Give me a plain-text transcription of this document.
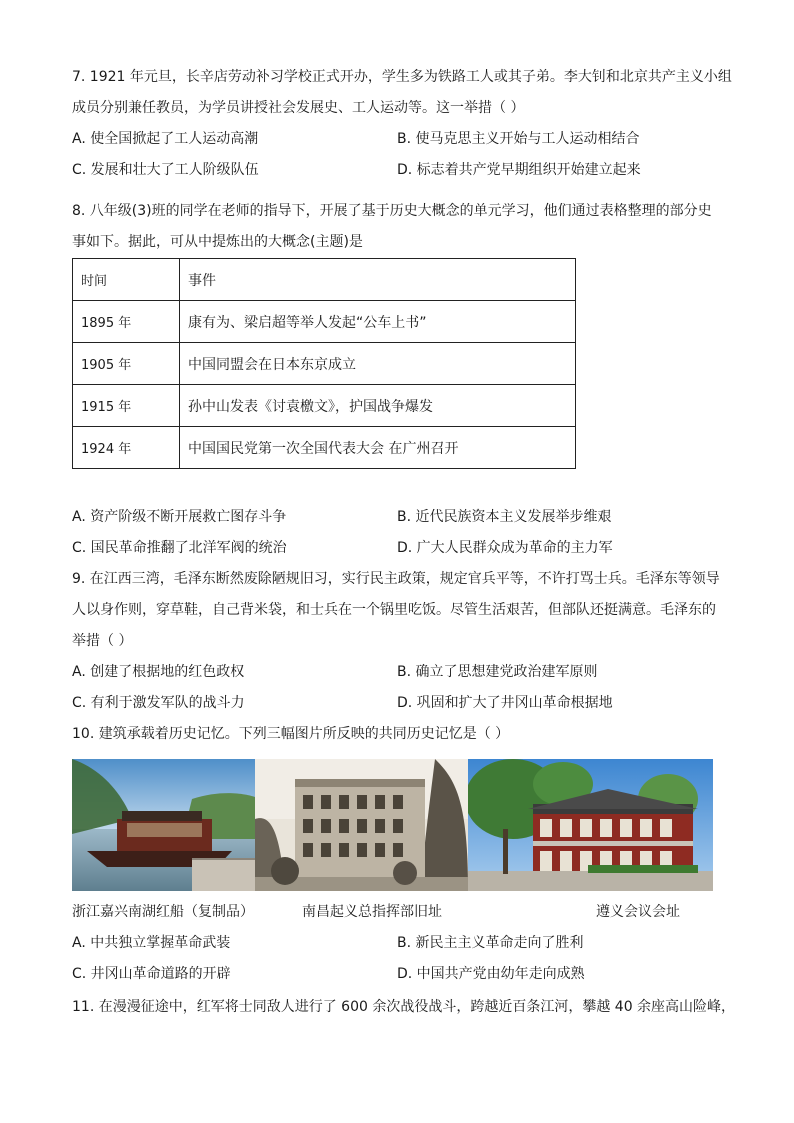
7. 1921 年元旦，长辛店劳动补习学校正式开办，学生多为铁路工人或其子弟。李大钊和北京共产主义小组
成员分别兼任教员，为学员讲授社会发展史、工人运动等。这一举措（ ）
A. 使全国掀起了工人运动高潮	B. 使马克思主义开始与工人运动相结合
C. 发展和壮大了工人阶级队伍	D. 标志着共产党早期组织开始建立起来
8. 八年级(3)班的同学在老师的指导下，开展了基于历史大概念的单元学习，他们通过表格整理的部分史
事如下。据此，可从中提炼出的大概念(主题)是
时间	事件
1895 年	康有为、梁启超等举人发起“公车上书”
1905 年	中国同盟会在日本东京成立
1915 年	孙中山发表《讨袁檄文》，护国战争爆发
1924 年	中国国民党第一次全国代表大会 在广州召开
A. 资产阶级不断开展救亡图存斗争	B. 近代民族资本主义发展举步维艰
C. 国民革命推翻了北洋军阀的统治	D. 广大人民群众成为革命的主力军
9. 在江西三湾，毛泽东断然废除陋规旧习，实行民主政策，规定官兵平等，不许打骂士兵。毛泽东等领导
人以身作则，穿草鞋，自己背米袋，和士兵在一个锅里吃饭。尽管生活艰苦，但部队还挺满意。毛泽东的
举措（ ）
A. 创建了根据地的红色政权	B. 确立了思想建党政治建军原则
C. 有利于激发军队的战斗力	D. 巩固和扩大了井冈山革命根据地
10. 建筑承载着历史记忆。下列三幅图片所反映的共同历史记忆是（ ）
浙江嘉兴南湖红船（复制品）	南昌起义总指挥部旧址	遵义会议会址
A. 中共独立掌握革命武装	B. 新民主主义革命走向了胜利
C. 井冈山革命道路的开辟	D. 中国共产党由幼年走向成熟
11. 在漫漫征途中，红军将士同敌人进行了 600 余次战役战斗，跨越近百条江河，攀越 40 余座高山险峰，
